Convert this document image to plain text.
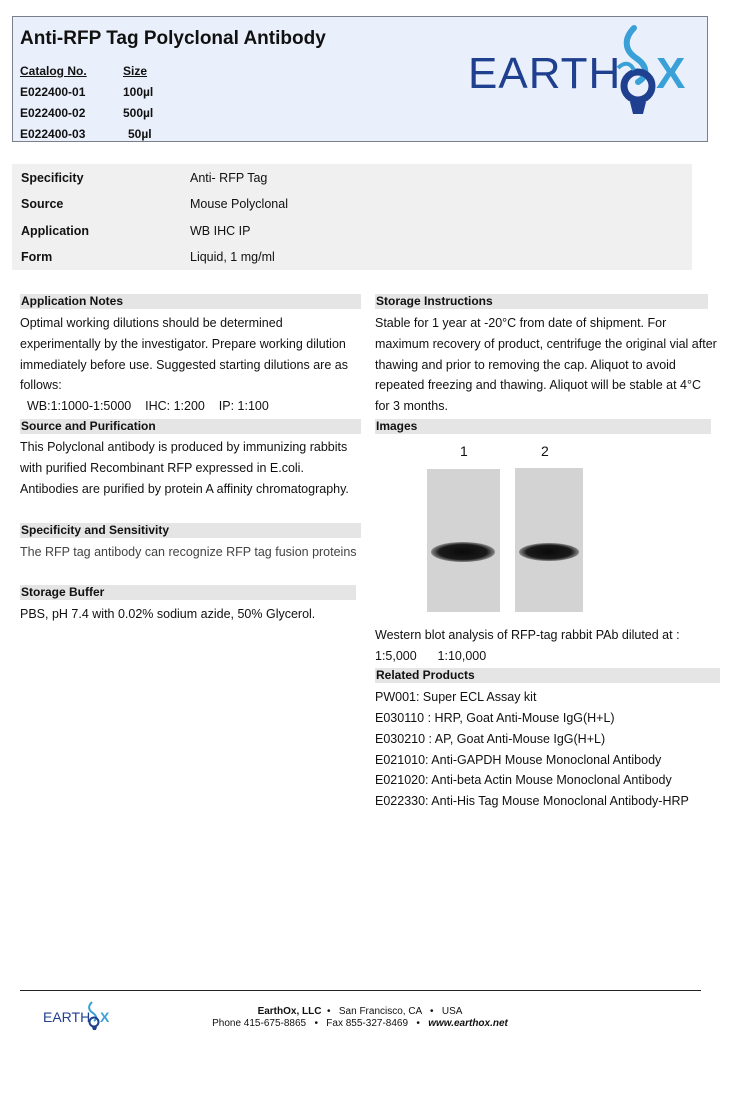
Anti-RFP Tag Polyclonal Antibody
Catalog No.	Size
E022400-01	100µl
E022400-02	500µl
E022400-03	50µl
EARTH X
Specificity	Anti- RFP Tag
Source	Mouse Polyclonal
Application	WB IHC IP
Form	Liquid, 1 mg/ml
Application Notes
Optimal working dilutions should be determined
experimentally by the investigator. Prepare working dilution
immediately before use. Suggested starting dilutions are as
follows:
WB:1:1000-1:5000    IHC: 1:200    IP: 1:100
Source and Purification
This Polyclonal antibody is produced by immunizing rabbits
with purified Recombinant RFP expressed in E.coli.
Antibodies are purified by protein A affinity chromatography.
Specificity and Sensitivity
The RFP tag antibody can recognize RFP tag fusion proteins
Storage Buffer
PBS, pH 7.4 with 0.02% sodium azide, 50% Glycerol.
Storage Instructions
Stable for 1 year at -20°C from date of shipment. For
maximum recovery of product, centrifuge the original vial after
thawing and prior to removing the cap. Aliquot to avoid
repeated freezing and thawing. Aliquot will be stable at 4°C
for 3 months.
Images
1	2
Western blot analysis of RFP-tag rabbit PAb diluted at :
1:5,000      1:10,000
Related Products
PW001: Super ECL Assay kit
E030110 : HRP, Goat Anti-Mouse IgG(H+L)
E030210 : AP, Goat Anti-Mouse IgG(H+L)
E021010: Anti-GAPDH Mouse Monoclonal Antibody
E021020: Anti-beta Actin Mouse Monoclonal Antibody
E022330: Anti-His Tag Mouse Monoclonal Antibody-HRP
EARTH X	EarthOx, LLC •   San Francisco, CA   •   USA
Phone 415-675-8865 • Fax 855-327-8469 • www.earthox.net
